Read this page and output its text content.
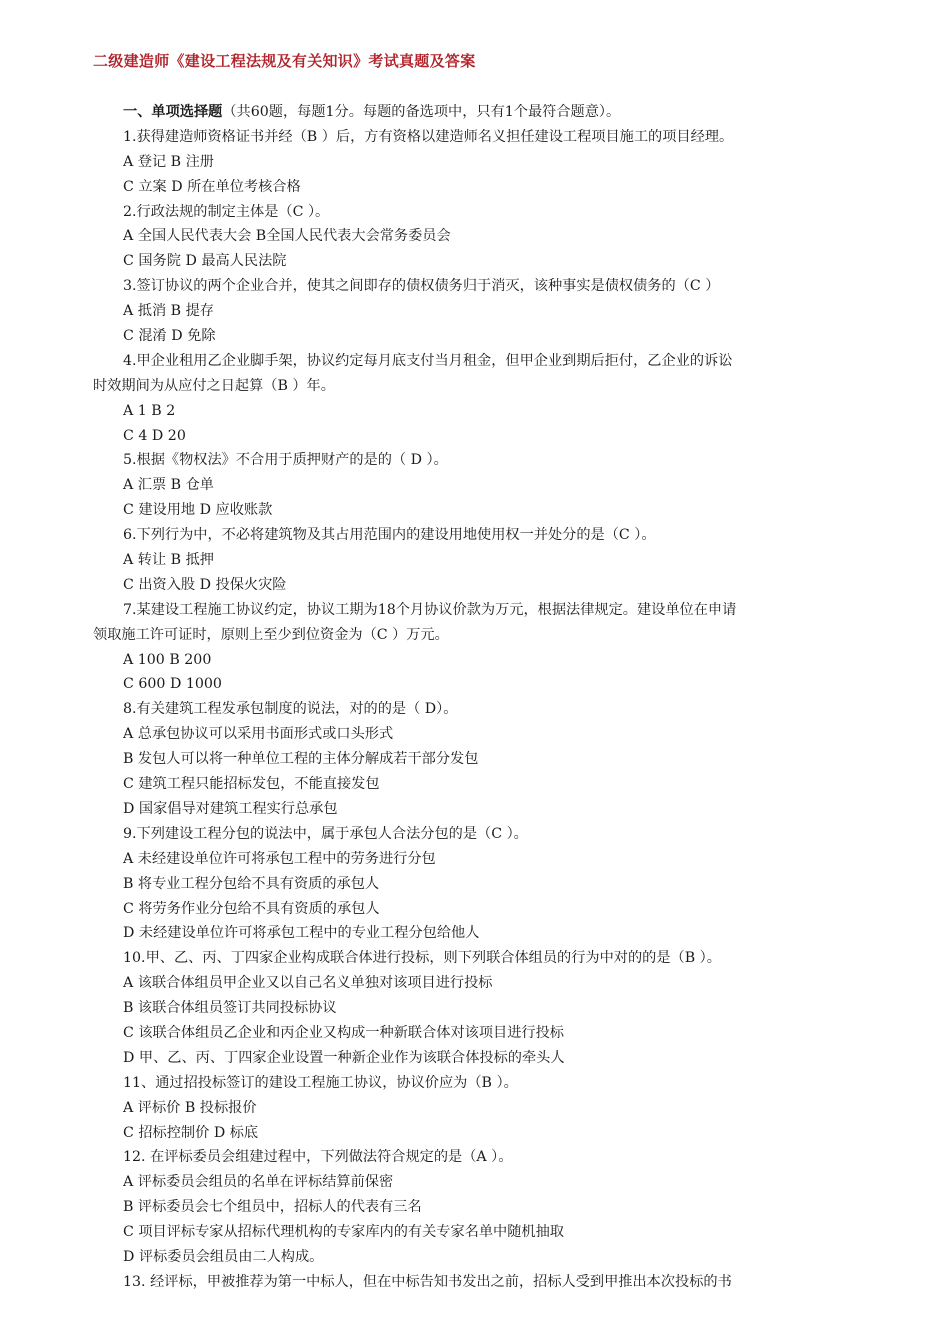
二级建造师《建设工程法规及有关知识》考试真题及答案
一、单项选择题（共60题，每题1分。每题的备选项中，只有1个最符合题意）。
1.获得建造师资格证书并经（B ）后，方有资格以建造师名义担任建设工程项目施工的项目经理。
A 登记 B 注册
C 立案 D 所在单位考核合格
2.行政法规的制定主体是（C ）。
A 全国人民代表大会 B全国人民代表大会常务委员会
C 国务院 D 最高人民法院
3.签订协议的两个企业合并，使其之间即存的债权债务归于消灭，该种事实是债权债务的（C ）
A 抵消 B 提存
C 混淆 D 免除
4.甲企业租用乙企业脚手架，协议约定每月底支付当月租金，但甲企业到期后拒付，乙企业的诉讼
时效期间为从应付之日起算（B ）年。
A 1 B 2
C 4 D 20
5.根据《物权法》不合用于质押财产的是的（ D ）。
A 汇票 B 仓单
C 建设用地 D 应收账款
6.下列行为中，不必将建筑物及其占用范围内的建设用地使用权一并处分的是（C ）。
A 转让 B 抵押
C 出资入股 D 投保火灾险
7.某建设工程施工协议约定，协议工期为18个月协议价款为万元，根据法律规定。建设单位在申请
领取施工许可证时，原则上至少到位资金为（C ）万元。
A 100 B 200
C 600 D 1000
8.有关建筑工程发承包制度的说法，对的的是（ D）。
A 总承包协议可以采用书面形式或口头形式
B 发包人可以将一种单位工程的主体分解成若干部分发包
C 建筑工程只能招标发包，不能直接发包
D 国家倡导对建筑工程实行总承包
9.下列建设工程分包的说法中，属于承包人合法分包的是（C ）。
A 未经建设单位许可将承包工程中的劳务进行分包
B 将专业工程分包给不具有资质的承包人
C 将劳务作业分包给不具有资质的承包人
D 未经建设单位许可将承包工程中的专业工程分包给他人
10.甲、乙、丙、丁四家企业构成联合体进行投标，则下列联合体组员的行为中对的的是（B ）。
A 该联合体组员甲企业又以自己名义单独对该项目进行投标
B 该联合体组员签订共同投标协议
C 该联合体组员乙企业和丙企业又构成一种新联合体对该项目进行投标
D 甲、乙、丙、丁四家企业设置一种新企业作为该联合体投标的牵头人
11、通过招投标签订的建设工程施工协议，协议价应为（B ）。
A 评标价 B 投标报价
C 招标控制价 D 标底
12. 在评标委员会组建过程中，下列做法符合规定的是（A ）。
A 评标委员会组员的名单在评标结算前保密
B 评标委员会七个组员中，招标人的代表有三名
C 项目评标专家从招标代理机构的专家库内的有关专家名单中随机抽取
D 评标委员会组员由二人构成。
13. 经评标，甲被推荐为第一中标人，但在中标告知书发出之前，招标人受到甲推出本次投标的书
